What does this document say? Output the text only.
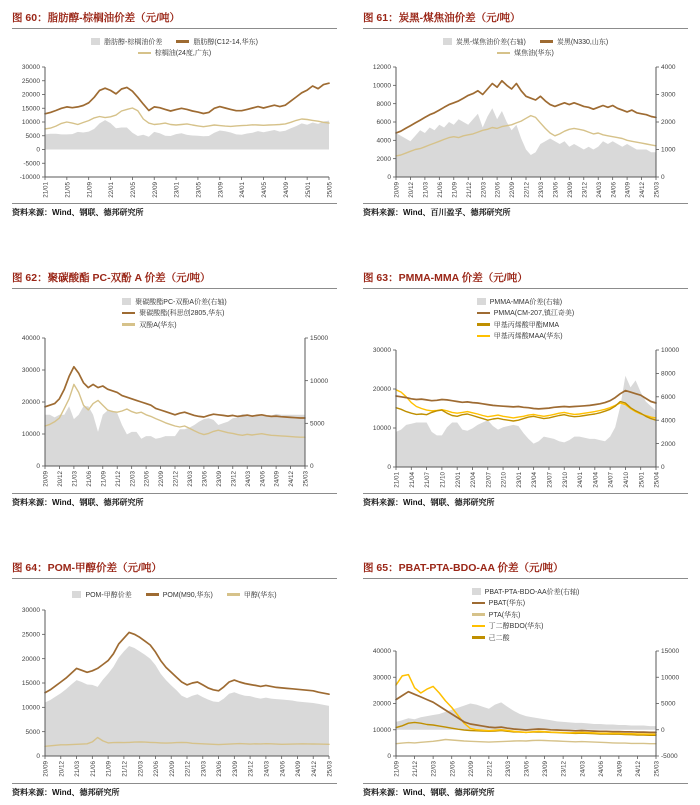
图 60：脂肪醇-棕榈油价差（元/吨）
脂肪醇-棕榈油价差	脂肪醇(C12-14,华东)
棕榈油(24度,广东)
30000
25000
20000
15000
10000
5000
0
-5000
-10000
21/01 21/05 21/09 22/01 22/05 22/09 23/01 23/05 23/09 24/01 24/05 24/09 25/01 25/05
资料来源：Wind、钢联、德邦研究所
图 61：炭黑-煤焦油价差（元/吨）
炭黑-煤焦油价差(右轴)	炭黑(N330,山东)
煤焦油(华东)
12000
10000
8000
6000
4000
2000
0
4000
3000
2000
1000
0
20/09 20/12 21/03 21/06 21/09 21/12 22/03 22/06 22/09 22/12 23/03 23/06 23/09 23/12 24/03 24/06 24/09 24/12 25/03
资料来源：Wind、百川盈孚、德邦研究所
图 62：聚碳酸酯 PC-双酚 A 价差（元/吨）
聚碳酸酯PC-双酚A价差(右轴)
聚碳酸酯(科思创2805,华东)
双酚A(华东)
40000
30000
20000
10000
0
15000
10000
5000
0
20/09 20/12 21/03 21/06 21/09 21/12 22/03 22/06 22/09 22/12 23/03 23/06 23/09 23/12 24/03 24/06 24/09 24/12 25/03
资料来源：Wind、钢联、德邦研究所
图 63：PMMA-MMA 价差（元/吨）
PMMA-MMA价差(右轴)
PMMA(CM-207,镇江奇美)
甲基丙烯酸甲酯MMA
甲基丙烯酸MAA(华东)
30000
20000
10000
0
10000
8000
6000
4000
2000
0
21/01 21/04 21/07 21/10 22/01 22/04 22/07 22/10 23/01 23/04 23/07 23/10 24/01 24/04 24/07 24/10 25/01 25/04
资料来源：Wind、钢联、德邦研究所
图 64：POM-甲醇价差（元/吨）
POM-甲醇价差	POM(M90,华东)	甲醇(华东)
30000
25000
20000
15000
10000
5000
0
20/09 20/12 21/03 21/06 21/09 21/12 22/03 22/06 22/09 22/12 23/03 23/06 23/09 23/12 24/03 24/06 24/09 24/12 25/03
资料来源：Wind、德邦研究所
图 65：PBAT-PTA-BDO-AA 价差（元/吨）
PBAT-PTA-BDO-AA价差(右轴)
PBAT(华东)
PTA(华东)
丁二醇BDO(华东)
己二酸
40000
30000
20000
10000
0
15000
10000
5000
0
-5000
21/09 21/12 22/03 22/06 22/09 22/12 23/03 23/06 23/09 23/12 24/03 24/06 24/09 24/12 25/03
资料来源：Wind、钢联、德邦研究所
